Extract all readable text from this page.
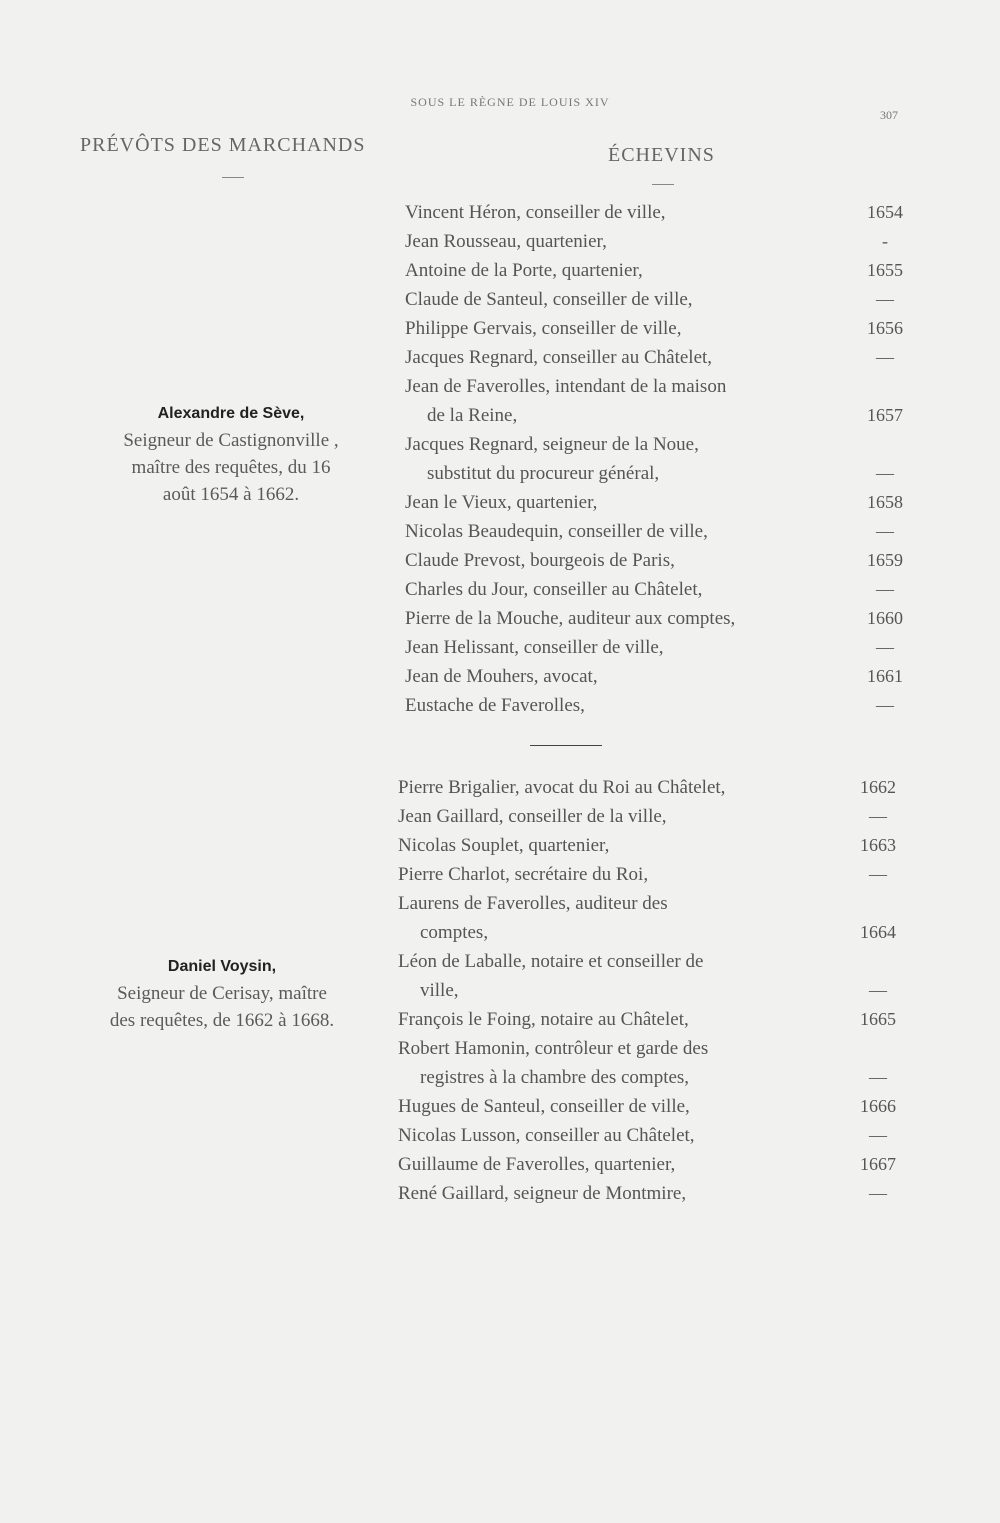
SOUS LE RÈGNE DE LOUIS XIV
307
PRÉVÔTS DES MARCHANDS	ÉCHEVINS
Alexandre de Sève,
Seigneur de Castignonville ,
maître des requêtes, du 16
août 1654 à 1662.
Daniel Voysin,
Seigneur de Cerisay, maître
des requêtes, de 1662 à 1668.
Vincent Héron, conseiller de ville,	1654
Jean Rousseau, quartenier,	-
Antoine de la Porte, quartenier,	1655
Claude de Santeul, conseiller de ville,	—
Philippe Gervais, conseiller de ville,	1656
Jacques Regnard, conseiller au Châtelet,	—
Jean de Faverolles, intendant de la maison
de la Reine,	1657
Jacques Regnard, seigneur de la Noue,
substitut du procureur général,	—
Jean le Vieux, quartenier,	1658
Nicolas Beaudequin, conseiller de ville,	—
Claude Prevost, bourgeois de Paris,	1659
Charles du Jour, conseiller au Châtelet,	—
Pierre de la Mouche, auditeur aux comptes,	1660
Jean Helissant, conseiller de ville,	—
Jean de Mouhers, avocat,	1661
Eustache de Faverolles,	—
Pierre Brigalier, avocat du Roi au Châtelet,	1662
Jean Gaillard, conseiller de la ville,	—
Nicolas Souplet, quartenier,	1663
Pierre Charlot, secrétaire du Roi,	—
Laurens de Faverolles, auditeur des
comptes,	1664
Léon de Laballe, notaire et conseiller de
ville,	—
François le Foing, notaire au Châtelet,	1665
Robert Hamonin, contrôleur et garde des
registres à la chambre des comptes,	—
Hugues de Santeul, conseiller de ville,	1666
Nicolas Lusson, conseiller au Châtelet,	—
Guillaume de Faverolles, quartenier,	1667
René Gaillard, seigneur de Montmire,	—
